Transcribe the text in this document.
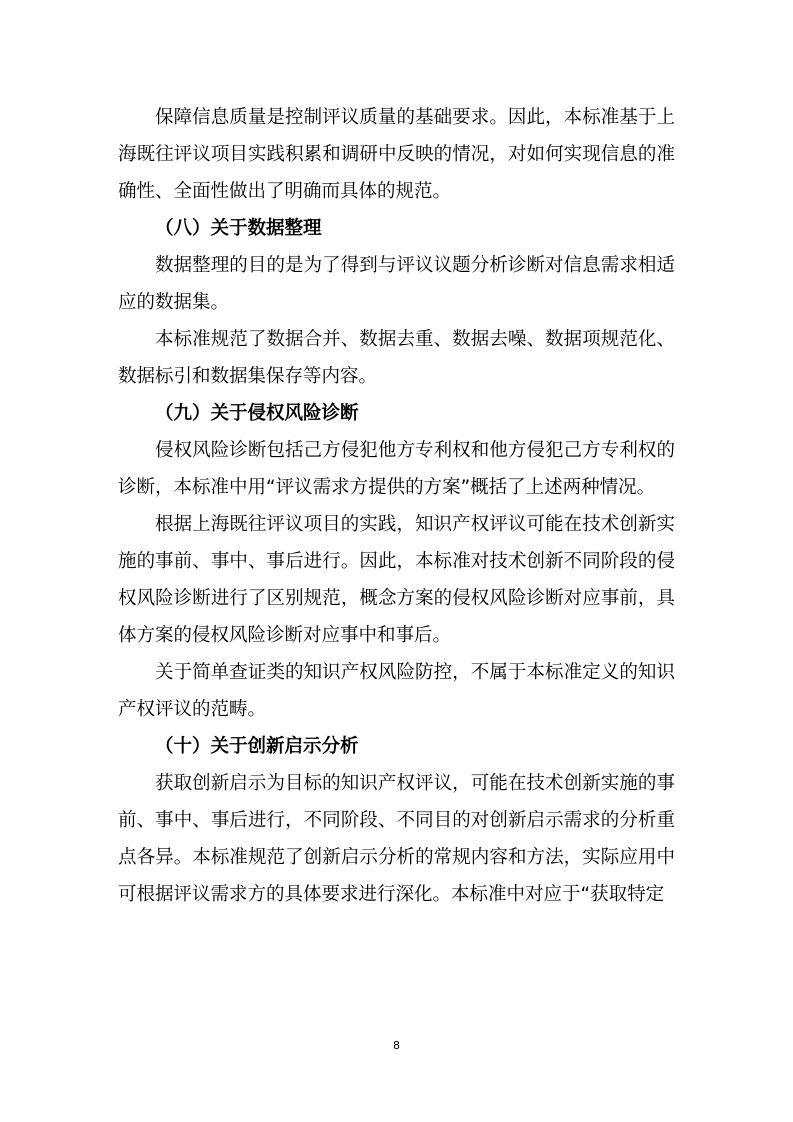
保障信息质量是控制评议质量的基础要求。因此，本标准基于上海既往评议项目实践积累和调研中反映的情况，对如何实现信息的准确性、全面性做出了明确而具体的规范。

（八）关于数据整理

数据整理的目的是为了得到与评议议题分析诊断对信息需求相适应的数据集。

本标准规范了数据合并、数据去重、数据去噪、数据项规范化、数据标引和数据集保存等内容。

（九）关于侵权风险诊断

侵权风险诊断包括己方侵犯他方专利权和他方侵犯己方专利权的诊断，本标准中用“评议需求方提供的方案”概括了上述两种情况。

根据上海既往评议项目的实践，知识产权评议可能在技术创新实施的事前、事中、事后进行。因此，本标准对技术创新不同阶段的侵权风险诊断进行了区别规范，概念方案的侵权风险诊断对应事前，具体方案的侵权风险诊断对应事中和事后。

关于简单查证类的知识产权风险防控，不属于本标准定义的知识产权评议的范畴。

（十）关于创新启示分析

获取创新启示为目标的知识产权评议，可能在技术创新实施的事前、事中、事后进行，不同阶段、不同目的对创新启示需求的分析重点各异。本标准规范了创新启示分析的常规内容和方法，实际应用中可根据评议需求方的具体要求进行深化。本标准中对应于“获取特定

8
